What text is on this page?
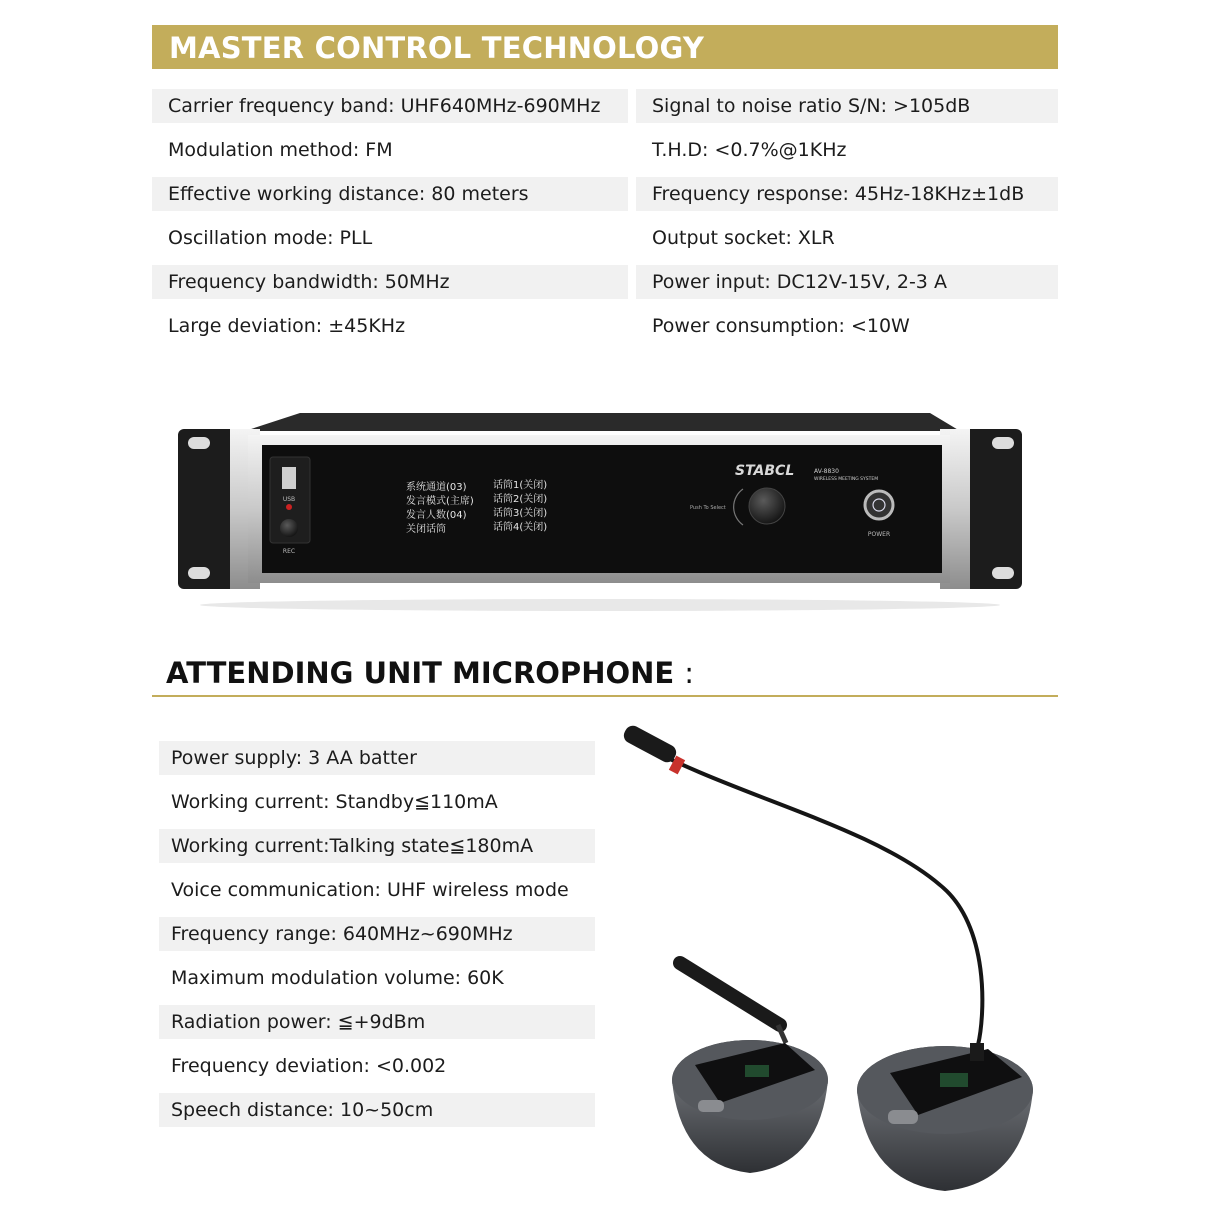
MASTER CONTROL TECHNOLOGY
Carrier frequency band: UHF640MHz-690MHz
Modulation method: FM
Effective working distance: 80 meters
Oscillation mode: PLL
Frequency bandwidth: 50MHz
Large deviation: ±45KHz
Signal to noise ratio S/N: >105dB
T.H.D: <0.7%@1KHz
Frequency response: 45Hz-18KHz±1dB
Output socket: XLR
Power input: DC12V-15V, 2-3 A
Power consumption: <10W
USB
REC
系统通道(03)
发言模式(主席)
发言人数(04)
关闭话筒
话筒1(关闭)
话筒2(关闭)
话筒3(关闭)
话筒4(关闭)
STABCL	AV-8830
WIRELESS MEETING SYSTEM
Push To Select
POWER
ATTENDING UNIT MICROPHONE :
Power supply: 3 AA batter
Working current: Standby≦110mA
Working current:Talking state≦180mA
Voice communication: UHF wireless mode
Frequency range: 640MHz~690MHz
Maximum modulation volume: 60K
Radiation power: ≦+9dBm
Frequency deviation: <0.002
Speech distance: 10~50cm
